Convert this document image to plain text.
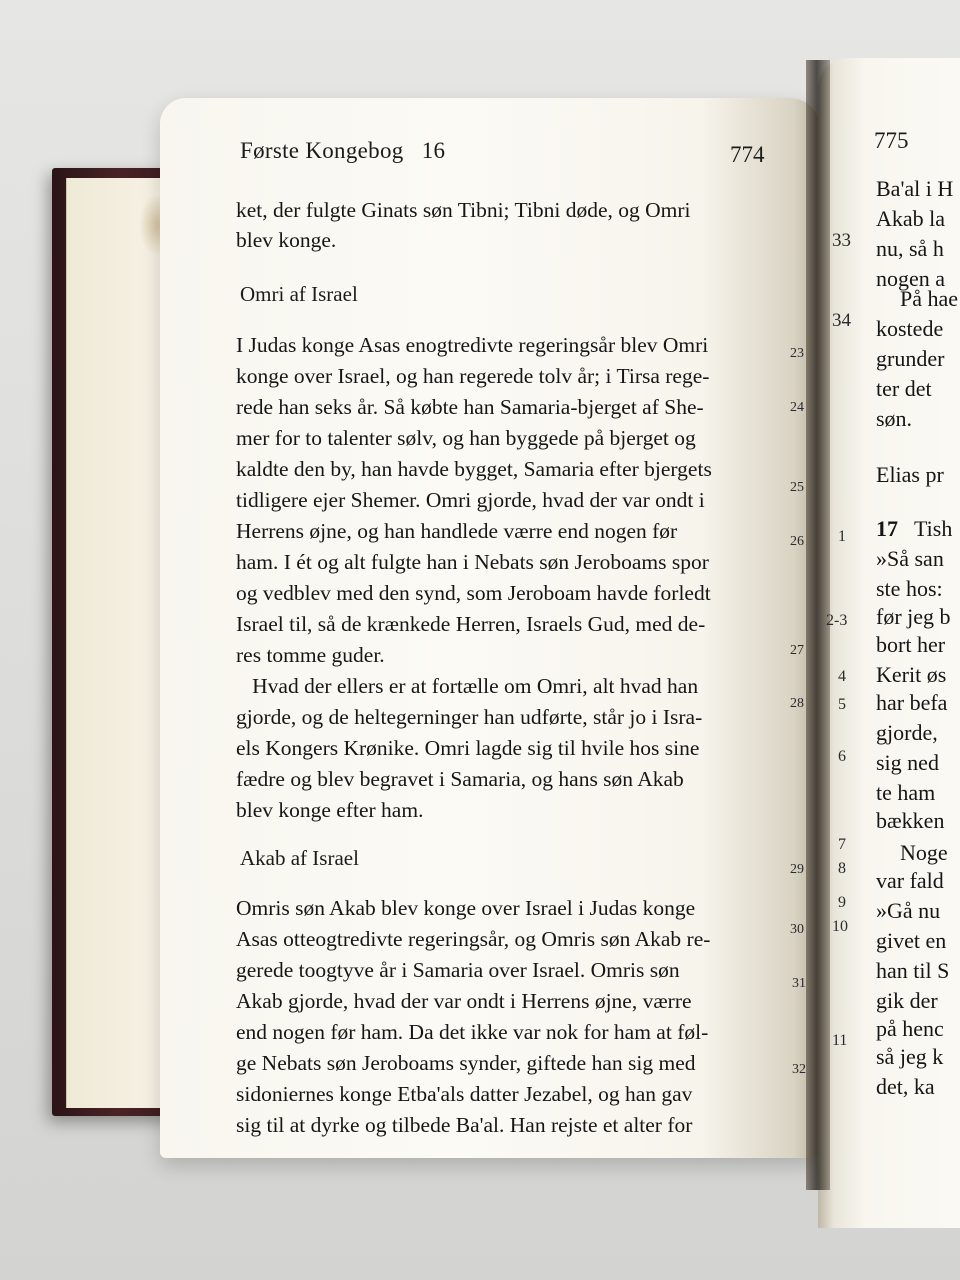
Første Kongebog   16	774
ket, der fulgte Ginats søn Tibni; Tibni døde, og Omri
blev konge.
Omri af Israel
I Judas konge Asas enogtredivte regeringsår blev Omri
konge over Israel, og han regerede tolv år; i Tirsa rege-
rede han seks år. Så købte han Samaria-bjerget af She-
mer for to talenter sølv, og han byggede på bjerget og
kaldte den by, han havde bygget, Samaria efter bjergets
tidligere ejer Shemer. Omri gjorde, hvad der var ondt i
Herrens øjne, og han handlede værre end nogen før
ham. I ét og alt fulgte han i Nebats søn Jeroboams spor
og vedblev med den synd, som Jeroboam havde forledt
Israel til, så de krænkede Herren, Israels Gud, med de-
res tomme guder.
Hvad der ellers er at fortælle om Omri, alt hvad han
gjorde, og de heltegerninger han udførte, står jo i Isra-
els Kongers Krønike. Omri lagde sig til hvile hos sine
fædre og blev begravet i Samaria, og hans søn Akab
blev konge efter ham.
Akab af Israel
Omris søn Akab blev konge over Israel i Judas konge
Asas otteogtredivte regeringsår, og Omris søn Akab re-
gerede toogtyve år i Samaria over Israel. Omris søn
Akab gjorde, hvad der var ondt i Herrens øjne, værre
end nogen før ham. Da det ikke var nok for ham at føl-
ge Nebats søn Jeroboams synder, giftede han sig med
sidoniernes konge Etba'als datter Jezabel, og han gav
sig til at dyrke og tilbede Ba'al. Han rejste et alter for
23
24
25
26
27
28
29
30
31
32
775
33
34
1
2-3
4
5
6
7
8
9
10
11
Ba'al i H
Akab la
nu, så h
nogen a
På hae
kostede
grunder
ter det
søn.
Elias pr
17 Tish
»Så san
ste hos:
før jeg b
bort her
Kerit øs
har befa
gjorde,
sig ned
te ham
bækken
Noge
var fald
»Gå nu
givet en
han til S
gik der
på henc
så jeg k
det, ka
